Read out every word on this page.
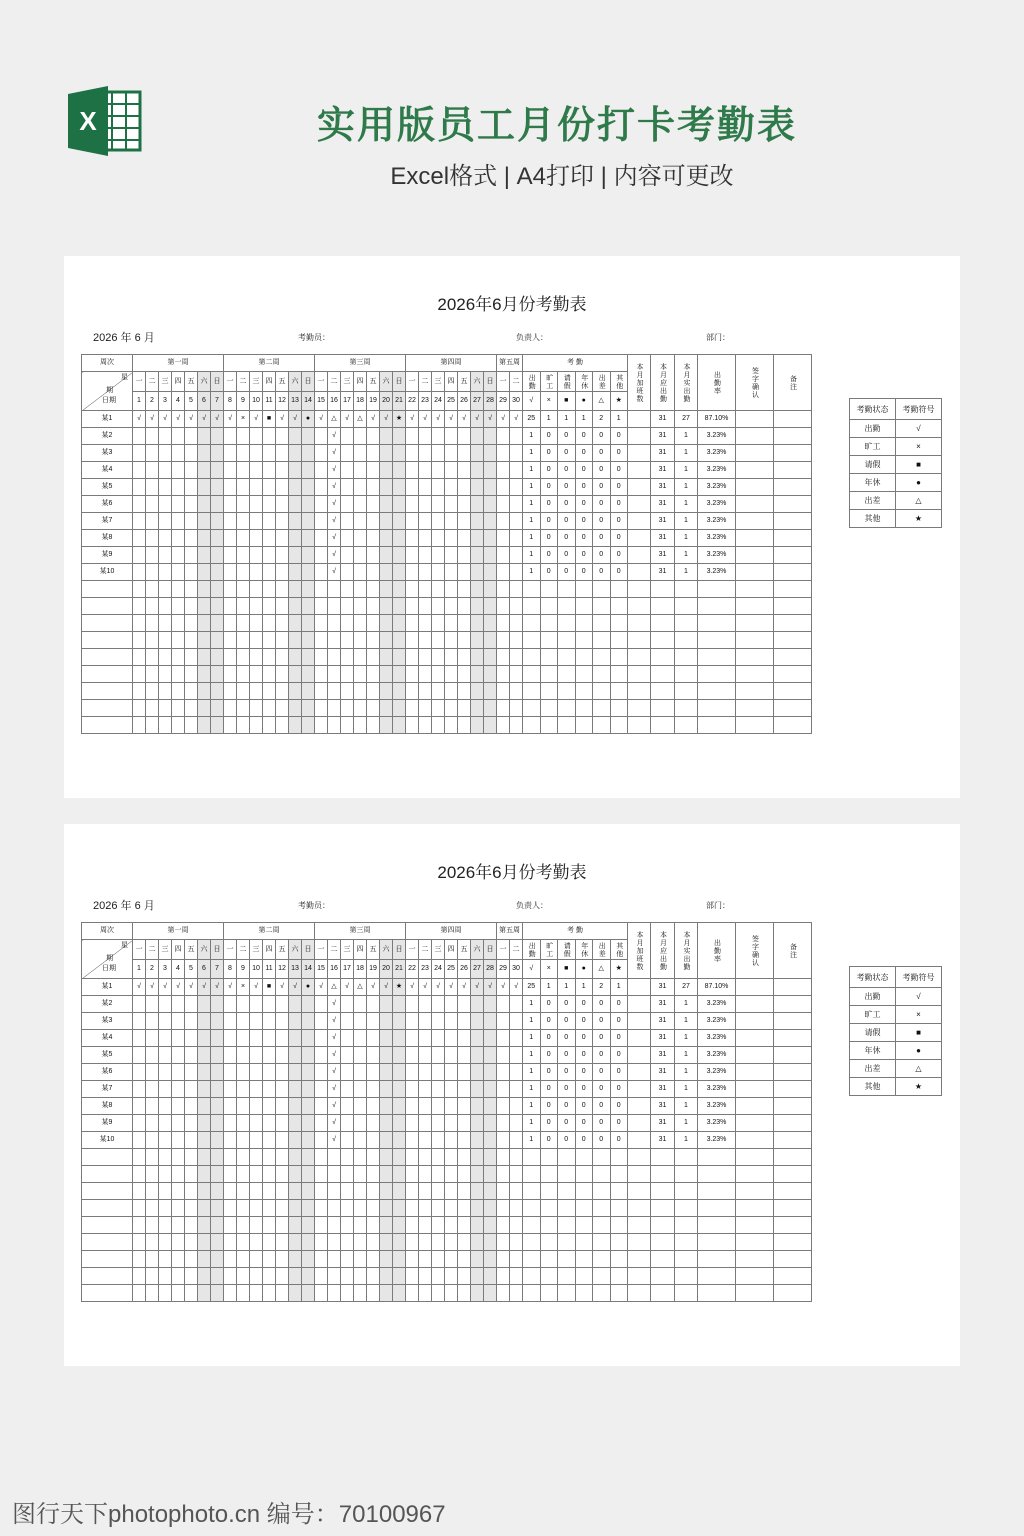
X	实用版员工月份打卡考勤表
Excel格式 | A4打印 | 内容可更改
2026年6月份考勤表
2026 年 6 月	考勤员：	负责人：	部门：
周次	第一周							第二周							第三周							第四周							第五周		考 勤						本月加班数	本月应出勤	本月实出勤	出勤率	签字确认	备注

星
期
日期	一	二	三	四	五	六	日	一	二	三	四	五	六	日	一	二	三	四	五	六	日	一	二	三	四	五	六	日	一	二	出勤	旷工	请假	年休	出差	其他						
	1	2	3	4	5	6	7	8	9	10	11	12	13	14	15	16	17	18	19	20	21	22	23	24	25	26	27	28	29	30	√	×	■	●	△	★						
某1	√	√	√	√	√	√	√	√	×	√	■	√	√	●	√	△	√	△	√	√	★	√	√	√	√	√	√	√	√	√	25	1	1	1	2	1		31	27	87.10%		
某2																√															1	0	0	0	0	0		31	1	3.23%		
某3																√															1	0	0	0	0	0		31	1	3.23%		
某4																√															1	0	0	0	0	0		31	1	3.23%		
某5																√															1	0	0	0	0	0		31	1	3.23%		
某6																√															1	0	0	0	0	0		31	1	3.23%		
某7																√															1	0	0	0	0	0		31	1	3.23%		
某8																√															1	0	0	0	0	0		31	1	3.23%		
某9																√															1	0	0	0	0	0		31	1	3.23%		
某10																√															1	0	0	0	0	0		31	1	3.23%		

考勤状态	考勤符号
出勤	√
旷工	×
请假	■
年休	●
出差	△
其他	★
2026年6月份考勤表
2026 年 6 月	考勤员：	负责人：	部门：
周次	第一周							第二周							第三周							第四周							第五周		考 勤						本月加班数	本月应出勤	本月实出勤	出勤率	签字确认	备注

星
期
日期	一	二	三	四	五	六	日	一	二	三	四	五	六	日	一	二	三	四	五	六	日	一	二	三	四	五	六	日	一	二	出勤	旷工	请假	年休	出差	其他						
	1	2	3	4	5	6	7	8	9	10	11	12	13	14	15	16	17	18	19	20	21	22	23	24	25	26	27	28	29	30	√	×	■	●	△	★						
某1	√	√	√	√	√	√	√	√	×	√	■	√	√	●	√	△	√	△	√	√	★	√	√	√	√	√	√	√	√	√	25	1	1	1	2	1		31	27	87.10%		
某2																√															1	0	0	0	0	0		31	1	3.23%		
某3																√															1	0	0	0	0	0		31	1	3.23%		
某4																√															1	0	0	0	0	0		31	1	3.23%		
某5																√															1	0	0	0	0	0		31	1	3.23%		
某6																√															1	0	0	0	0	0		31	1	3.23%		
某7																√															1	0	0	0	0	0		31	1	3.23%		
某8																√															1	0	0	0	0	0		31	1	3.23%		
某9																√															1	0	0	0	0	0		31	1	3.23%		
某10																√															1	0	0	0	0	0		31	1	3.23%		

考勤状态	考勤符号
出勤	√
旷工	×
请假	■
年休	●
出差	△
其他	★
图行天下photophoto.cn 编号：70100967
